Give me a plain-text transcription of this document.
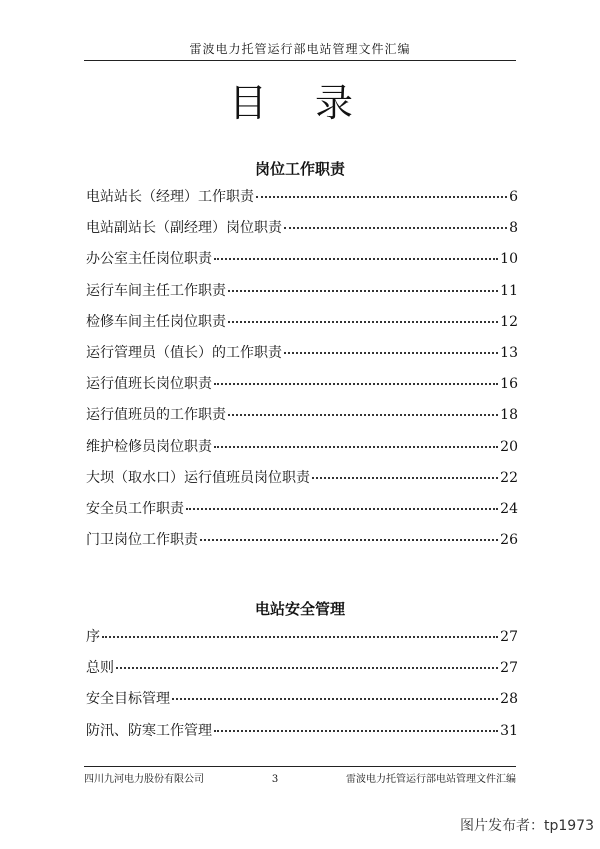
雷波电力托管运行部电站管理文件汇编
目 录
岗位工作职责
电站站长（经理）工作职责	6
电站副站长（副经理）岗位职责	8
办公室主任岗位职责	10
运行车间主任工作职责	11
检修车间主任岗位职责	12
运行管理员（值长）的工作职责	13
运行值班长岗位职责	16
运行值班员的工作职责	18
维护检修员岗位职责	20
大坝（取水口）运行值班员岗位职责	22
安全员工作职责	24
门卫岗位工作职责	26
电站安全管理
序	27
总则	27
安全目标管理	28
防汛、防寒工作管理	31
四川九河电力股份有限公司	3	雷波电力托管运行部电站管理文件汇编
图片发布者：tp1973
